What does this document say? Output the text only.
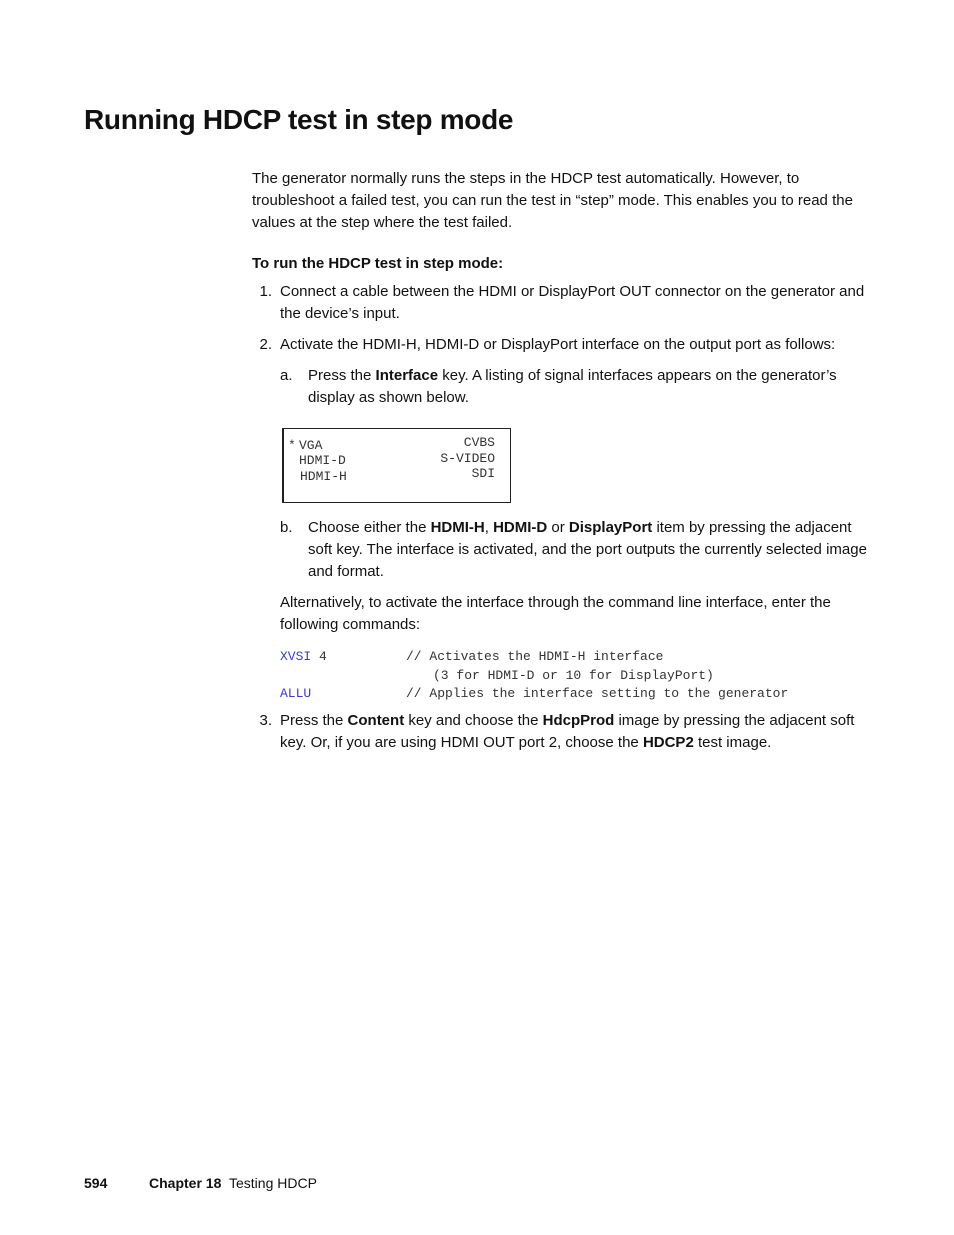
Running HDCP test in step mode
The generator normally runs the steps in the HDCP test automatically. However, to troubleshoot a failed test, you can run the test in “step” mode. This enables you to read the values at the step where the test failed.
To run the HDCP test in step mode:
1. Connect a cable between the HDMI or DisplayPort OUT connector on the generator and the device’s input.
2. Activate the HDMI-H, HDMI-D or DisplayPort interface on the output port as follows:
a. Press the Interface key. A listing of signal interfaces appears on the generator’s display as shown below.
* VGA
HDMI-D
HDMI-H
CVBS
S-VIDEO
SDI
b. Choose either the HDMI-H, HDMI-D or DisplayPort item by pressing the adjacent soft key. The interface is activated, and the port outputs the currently selected image and format.
Alternatively, to activate the interface through the command line interface, enter the following commands:
XVSI 4	// Activates the HDMI-H interface
(3 for HDMI-D or 10 for DisplayPort)
ALLU	// Applies the interface setting to the generator
3. Press the Content key and choose the HdcpProd image by pressing the adjacent soft key. Or, if you are using HDMI OUT port 2, choose the HDCP2 test image.
594	Chapter 18 Testing HDCP
